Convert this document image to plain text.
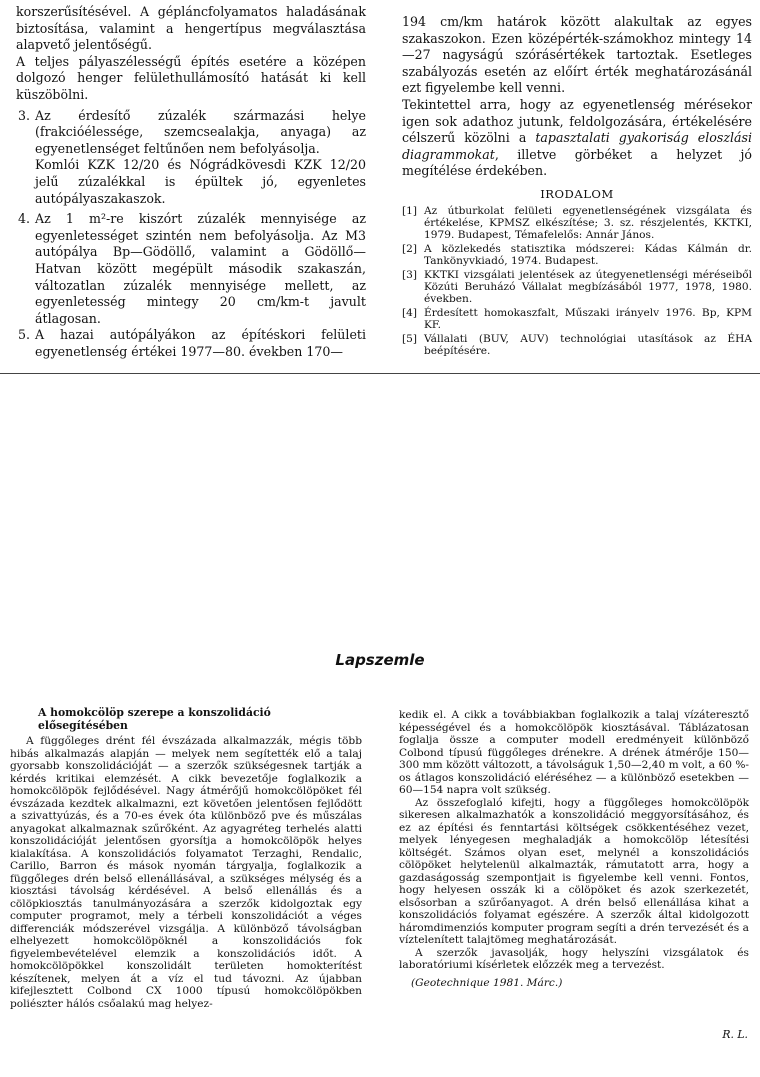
korszerűsítésével. A gépláncfolyamatos haladásának biztosítása, valamint a hengertípus megválasztása alapvető jelentőségű.

A teljes pályaszélességű építés esetére a középen dolgozó henger felülethullámosító hatását ki kell küszöbölni.

3. Az érdesítő zúzalék származási helye (frakcióélessége, szemcsealakja, anyaga) az egyenetlenséget feltűnően nem befolyásolja.

Komlói KZK 12/20 és Nógrádkövesdi KZK 12/20 jelű zúzalékkal is épültek jó, egyenletes autópályaszakaszok.

4. Az 1 m²-re kiszórt zúzalék mennyisége az egyenletességet szintén nem befolyásolja. Az M3 autópálya Bp—Gödöllő, valamint a Gödöllő—Hatvan között megépült második szakaszán, változatlan zúzalék mennyisége mellett, az egyenletesség mintegy 20 cm/km-t javult átlagosan.

5. A hazai autópályákon az építéskori felületi egyenetlenség értékei 1977—80. években 170—

194 cm/km határok között alakultak az egyes szakaszokon. Ezen középérték-számokhoz mintegy 14—27 nagyságú szórásértékek tartoztak. Esetleges szabályozás esetén az előírt érték meghatározásánál ezt figyelembe kell venni.

Tekintettel arra, hogy az egyenetlenség mérésekor igen sok adathoz jutunk, feldolgozására, értékelésére célszerű közölni a tapasztalati gyakoriság eloszlási diagrammokat, illetve görbéket a helyzet jó megítélése érdekében.

IRODALOM
[1] Az útburkolat felületi egyenetlenségének vizsgálata és értékelése, KPMSZ elkészítése; 3. sz. részjelentés, KKTKI, 1979. Budapest, Témafelelős: Annár János.
[2] A közlekedés statisztika módszerei: Kádas Kálmán dr. Tankönyvkiadó, 1974. Budapest.
[3] KKTKI vizsgálati jelentések az útegyenetlenségi méréseiből Közúti Beruházó Vállalat megbízásából 1977, 1978, 1980. években.
[4] Érdesített homokaszfalt, Műszaki irányelv 1976. Bp, KPM KF.
[5] Vállalati (BUV, AUV) technológiai utasítások az ÉHA beépítésére.
Lapszemle
A homokcölöp szerepe a konszolidáció elősegítésében

A függőleges drént fél évszázada alkalmazzák, mégis több hibás alkalmazás alapján — melyek nem segítették elő a talaj gyorsabb konszolidációját — a szerzők szükségesnek tartják a kérdés kritikai elemzését. A cikk bevezetője foglalkozik a homokcölöpök fejlődésével. Nagy átmérőjű homokcölöpöket fél évszázada kezdtek alkalmazni, ezt követően jelentősen fejlődött a szivattyúzás, és a 70-es évek óta különböző pve és műszálas anyagokat alkalmaznak szűrőként. Az agyagréteg terhelés alatti konszolidációját jelentősen gyorsítja a homokcölöpök helyes kialakítása. A konszolidációs folyamatot Terzaghi, Rendalic, Carillo, Barron és mások nyomán tárgyalja, foglalkozik a függőleges drén belső ellenállásával, a szükséges mélység és a kiosztási távolság kérdésével. A belső ellenállás és a cölöpkiosztás tanulmányozására a szerzők kidolgoztak egy computer programot, mely a térbeli konszolidációt a véges differenciák módszerével vizsgálja. A különböző távolságban elhelyezett homokcölöpöknél a konszolidációs fok figyelembevételével elemzik a konszolidációs időt. A homokcölöpökkel konszolidált területen homokterítést készítenek, melyen át a víz el tud távozni. Az újabban kifejlesztett Colbond CX 1000 típusú homokcölöpökben poliészter hálós csőalakú mag helyez-

kedik el. A cikk a továbbiakban foglalkozik a talaj vízáteresztő képességével és a homokcölöpök kiosztásával. Táblázatosan foglalja össze a computer modell eredményeit különböző Colbond típusú függőleges drénekre. A drének átmérője 150—300 mm között változott, a távolságuk 1,50—2,40 m volt, a 60 %-os átlagos konszolidáció eléréséhez — a különböző esetekben — 60—154 napra volt szükség.

Az összefoglaló kifejti, hogy a függőleges homokcölöpök sikeresen alkalmazhatók a konszolidáció meggyorsításához, és ez az építési és fenntartási költségek csökkentéséhez vezet, melyek lényegesen meghaladják a homokcölöp létesítési költségét. Számos olyan eset, melynél a konszolidációs cölöpöket helytelenül alkalmazták, rámutatott arra, hogy a gazdaságosság szempontjait is figyelembe kell venni. Fontos, hogy helyesen osszák ki a cölöpöket és azok szerkezetét, elsősorban a szűrőanyagot. A drén belső ellenállása kihat a konszolidációs folyamat egészére. A szerzők által kidolgozott háromdimenziós komputer program segíti a drén tervezését és a víztelenített talajtömeg meghatározását.

A szerzők javasolják, hogy helyszíni vizsgálatok és laboratóriumi kísérletek előzzék meg a tervezést.

(Geotechnique 1981. Márc.)

R. L.
